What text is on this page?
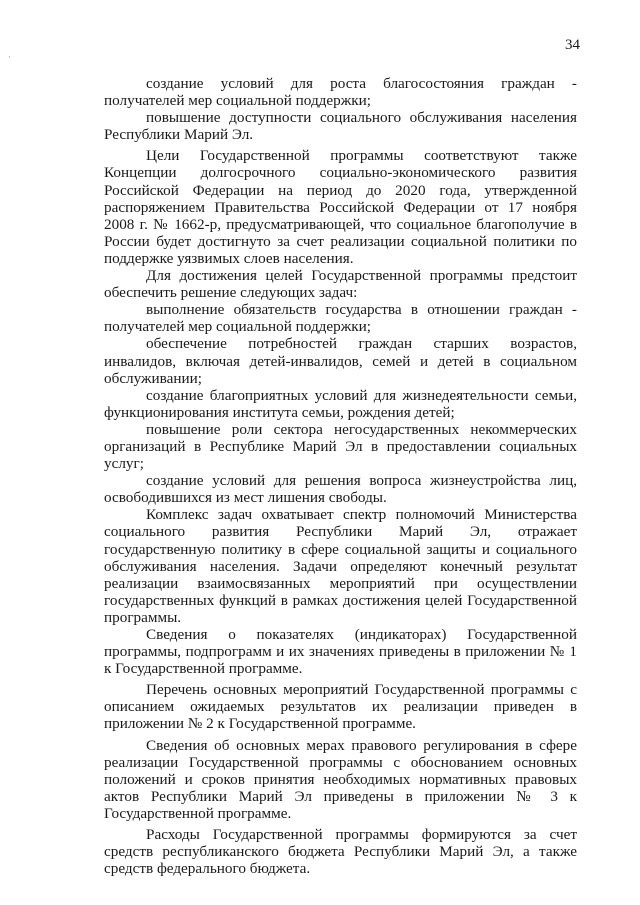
·
34

создание условий для роста благосостояния граждан - получателей мер социальной поддержки;

повышение доступности социального обслуживания населения Республики Марий Эл.

Цели Государственной программы соответствуют также Концепции долгосрочного социально-экономического развития Российской Федерации на период до 2020 года, утвержденной распоряжением Правительства Российской Федерации от 17 ноября 2008 г. № 1662-р, предусматривающей, что социальное благополучие в России будет достигнуто за счет реализации социальной политики по поддержке уязвимых слоев населения.

Для достижения целей Государственной программы предстоит обеспечить решение следующих задач:

выполнение обязательств государства в отношении граждан - получателей мер социальной поддержки;

обеспечение потребностей граждан старших возрастов, инвалидов, включая детей-инвалидов, семей и детей в социальном обслуживании;

создание благоприятных условий для жизнедеятельности семьи, функционирования института семьи, рождения детей;

повышение роли сектора негосударственных некоммерческих организаций в Республике Марий Эл в предоставлении социальных услуг;

создание условий для решения вопроса жизнеустройства лиц, освободившихся из мест лишения свободы.

Комплекс задач охватывает спектр полномочий Министерства социального развития Республики Марий Эл, отражает государственную политику в сфере социальной защиты и социального обслуживания населения. Задачи определяют конечный результат реализации взаимосвязанных мероприятий при осуществлении государственных функций в рамках достижения целей Государственной программы.

Сведения о показателях (индикаторах) Государственной программы, подпрограмм и их значениях приведены в приложении № 1 к Государственной программе.

Перечень основных мероприятий Государственной программы с описанием ожидаемых результатов их реализации приведен в приложении № 2 к Государственной программе.

Сведения об основных мерах правового регулирования в сфере реализации Государственной программы с обоснованием основных положений и сроков принятия необходимых нормативных правовых актов Республики Марий Эл приведены в приложении № 3 к Государственной программе.

Расходы Государственной программы формируются за счет средств республиканского бюджета Республики Марий Эл, а также средств федерального бюджета.
